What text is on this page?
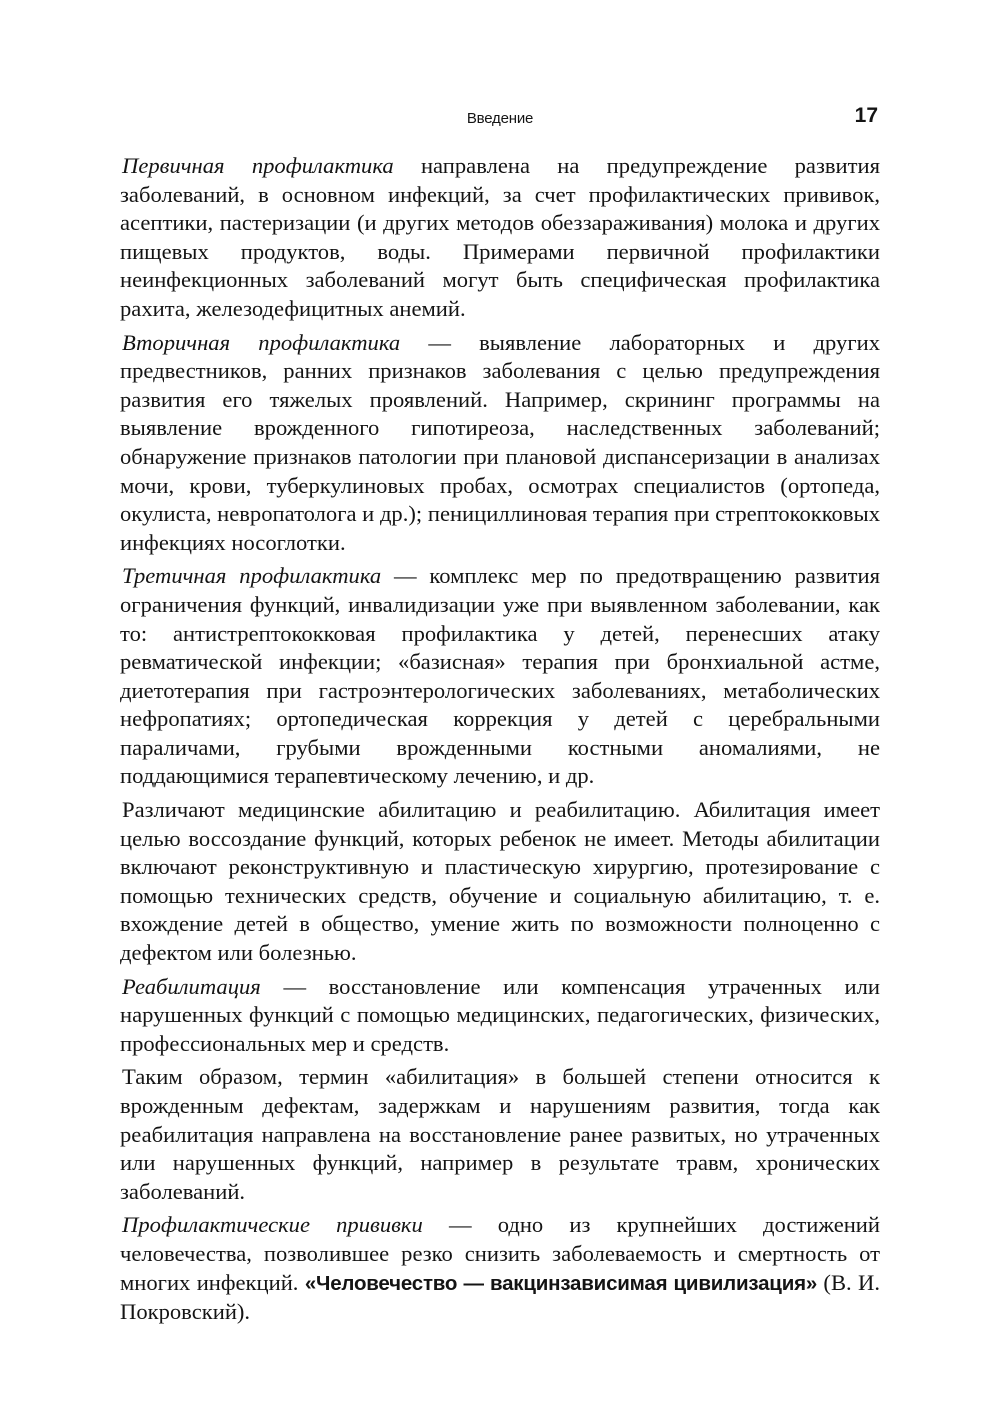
Введение	17

Первичная профилактика направлена на предупреждение развития заболеваний, в основном инфекций, за счет профилактических прививок, асептики, пастеризации (и других методов обеззараживания) молока и других пищевых продуктов, воды. Примерами первичной профилактики неинфекционных заболеваний могут быть специфическая профилактика рахита, железодефицитных анемий.

Вторичная профилактика — выявление лабораторных и других предвестников, ранних признаков заболевания с целью предупреждения развития его тяжелых проявлений. Например, скрининг программы на выявление врожденного гипотиреоза, наследственных заболеваний; обнаружение признаков патологии при плановой диспансеризации в анализах мочи, крови, туберкулиновых пробах, осмотрах специалистов (ортопеда, окулиста, невропатолога и др.); пенициллиновая терапия при стрептококковых инфекциях носоглотки.

Третичная профилактика — комплекс мер по предотвращению развития ограничения функций, инвалидизации уже при выявленном заболевании, как то: антистрептококковая профилактика у детей, перенесших атаку ревматической инфекции; «базисная» терапия при бронхиальной астме, диетотерапия при гастроэнтерологических заболеваниях, метаболических нефропатиях; ортопедическая коррекция у детей с церебральными параличами, грубыми врожденными костными аномалиями, не поддающимися терапевтическому лечению, и др.

Различают медицинские абилитацию и реабилитацию. Абилитация имеет целью воссоздание функций, которых ребенок не имеет. Методы абилитации включают реконструктивную и пластическую хирургию, протезирование с помощью технических средств, обучение и социальную абилитацию, т. е. вхождение детей в общество, умение жить по возможности полноценно с дефектом или болезнью.

Реабилитация — восстановление или компенсация утраченных или нарушенных функций с помощью медицинских, педагогических, физических, профессиональных мер и средств.

Таким образом, термин «абилитация» в большей степени относится к врожденным дефектам, задержкам и нарушениям развития, тогда как реабилитация направлена на восстановление ранее развитых, но утраченных или нарушенных функций, например в результате травм, хронических заболеваний.

Профилактические прививки — одно из крупнейших достижений человечества, позволившее резко снизить заболеваемость и смертность от многих инфекций. «Человечество — вакцинзависимая цивилизация» (В. И. Покровский).
